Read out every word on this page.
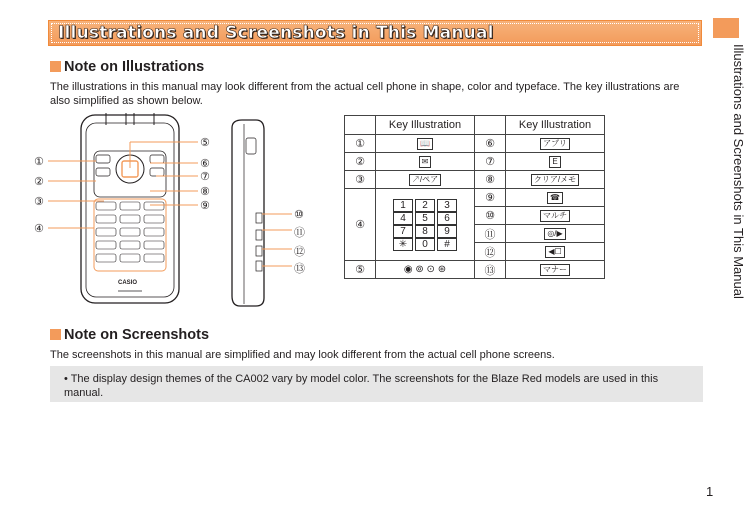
Illustrations and Screenshots in This Manual
Illustrations and Screenshots in This Manual
Note on Illustrations
The illustrations in this manual may look different from the actual cell phone in shape, color and typeface. The key illustrations are also simplified as shown below.
CASIO
①
②
③
④
⑤
⑥
⑦
⑧
⑨
⑩
⑪
⑫
⑬
	Key Illustration		Key Illustration
①	📖	⑥	アプリ
②	✉	⑦	E
③	↗/ペア	⑧	クリア/メモ
④	1 2 3
4 5 6
7 8 9
✳ 0 #	⑨	☎
		⑩	マルチ
		⑪	◎/▶
		⑫	◀☐
⑤	◉ ⊚ ⊙ ⊛	⑬	マナー
Note on Screenshots
The screenshots in this manual are simplified and may look different from the actual cell phone screens.
• The display design themes of the CA002 vary by model color. The screenshots for the Blaze Red models are used in this manual.
1
